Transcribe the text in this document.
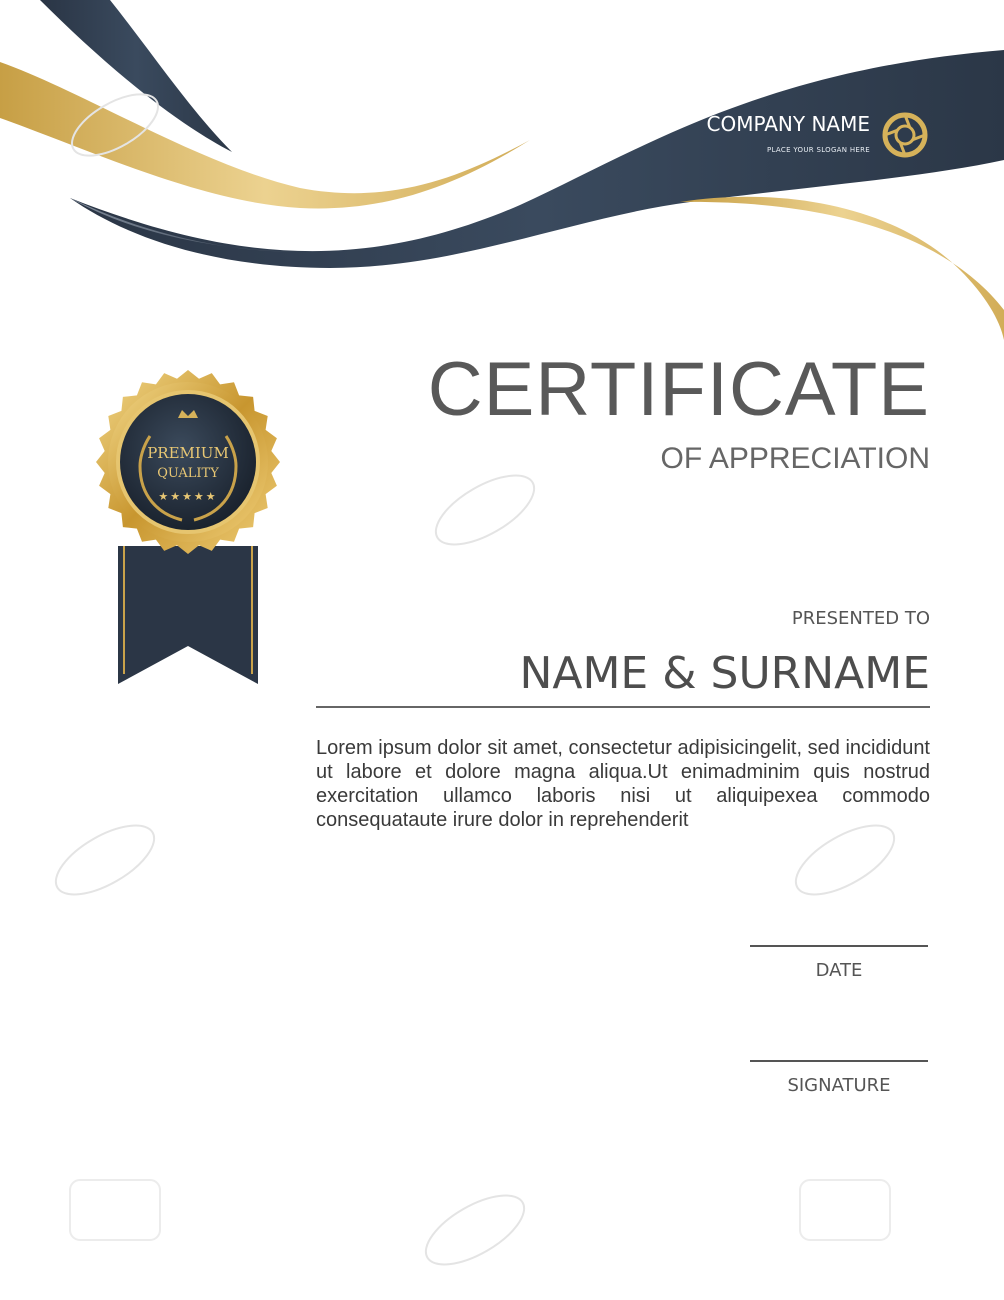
COMPANY NAME
PLACE YOUR SLOGAN HERE
CERTIFICATE
OF APPRECIATION
PREMIUM
QUALITY
★★★★★
PRESENTED TO
NAME & SURNAME
Lorem ipsum dolor sit amet, consectetur adipisicingelit, sed incididunt ut labore et dolore magna aliqua.Ut enimadminim quis nostrud exercitation ullamco laboris nisi ut aliquipexea commodo consequataute irure dolor in reprehenderit
DATE
SIGNATURE
